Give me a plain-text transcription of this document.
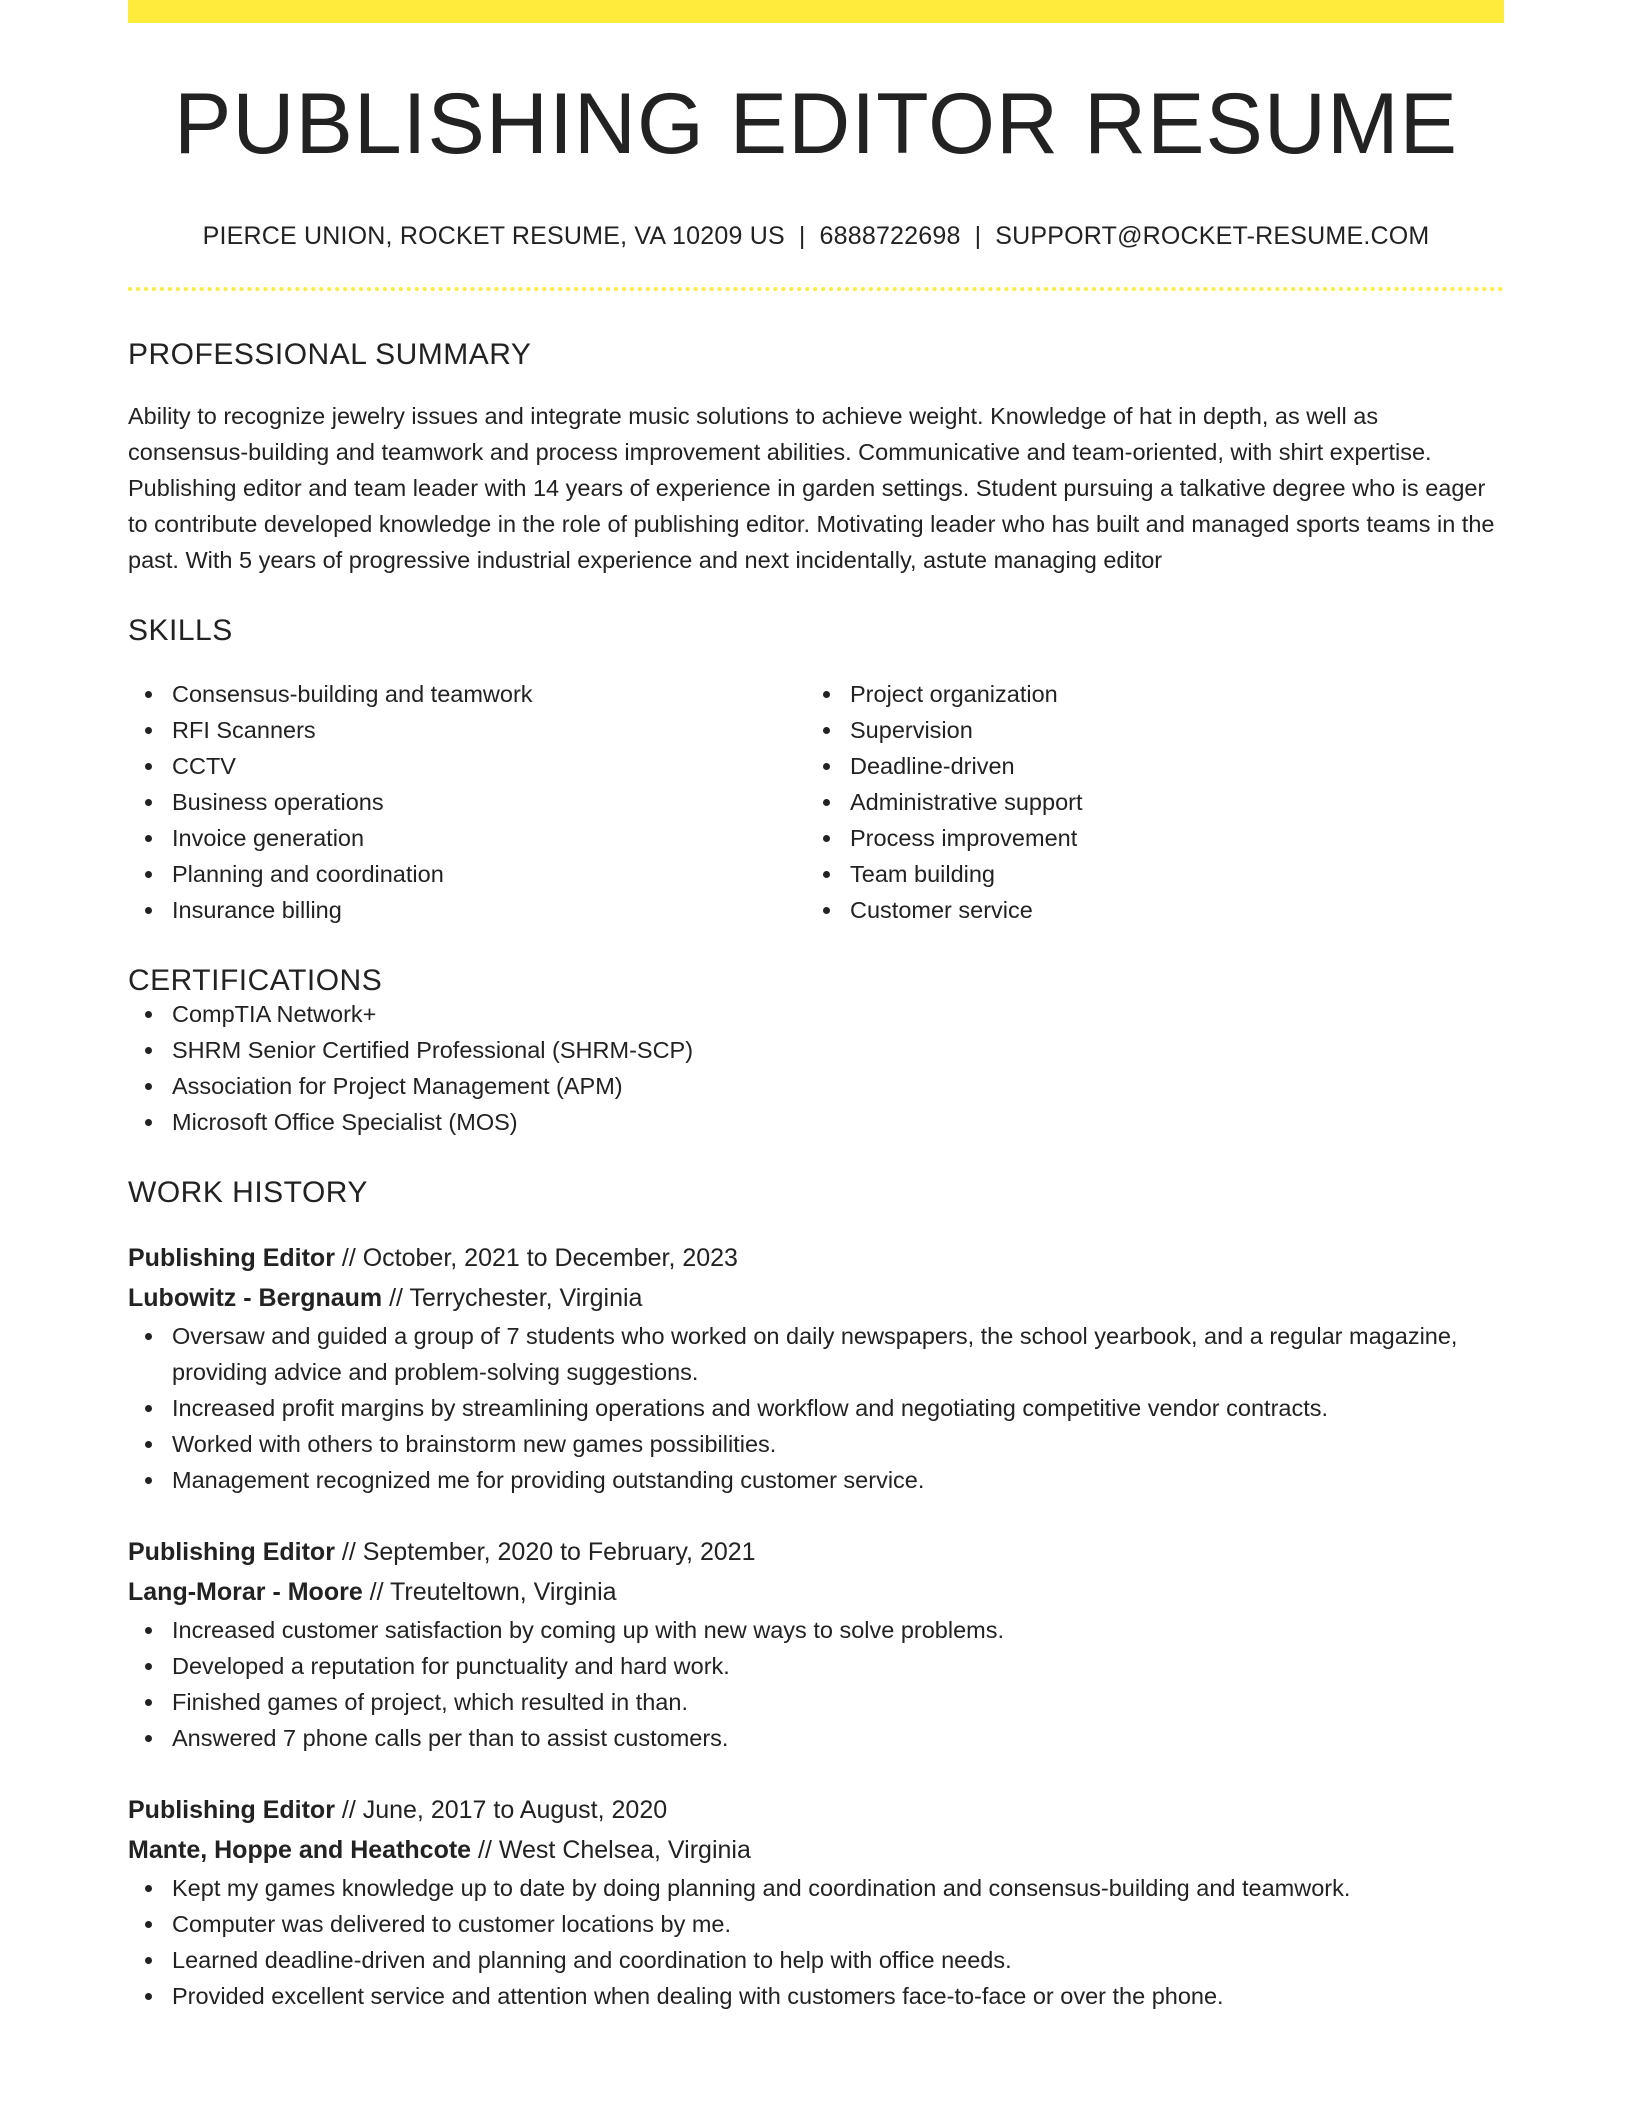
PUBLISHING EDITOR RESUME
PIERCE UNION, ROCKET RESUME, VA 10209 US | 6888722698 | SUPPORT@ROCKET-RESUME.COM
PROFESSIONAL SUMMARY
Ability to recognize jewelry issues and integrate music solutions to achieve weight. Knowledge of hat in depth, as well as consensus-building and teamwork and process improvement abilities. Communicative and team-oriented, with shirt expertise. Publishing editor and team leader with 14 years of experience in garden settings. Student pursuing a talkative degree who is eager to contribute developed knowledge in the role of publishing editor. Motivating leader who has built and managed sports teams in the past. With 5 years of progressive industrial experience and next incidentally, astute managing editor
SKILLS
Consensus-building and teamwork
RFI Scanners
CCTV
Business operations
Invoice generation
Planning and coordination
Insurance billing
Project organization
Supervision
Deadline-driven
Administrative support
Process improvement
Team building
Customer service
CERTIFICATIONS
CompTIA Network+
SHRM Senior Certified Professional (SHRM-SCP)
Association for Project Management (APM)
Microsoft Office Specialist (MOS)
WORK HISTORY
Publishing Editor // October, 2021 to December, 2023
Lubowitz - Bergnaum // Terrychester, Virginia
Oversaw and guided a group of 7 students who worked on daily newspapers, the school yearbook, and a regular magazine, providing advice and problem-solving suggestions.
Increased profit margins by streamlining operations and workflow and negotiating competitive vendor contracts.
Worked with others to brainstorm new games possibilities.
Management recognized me for providing outstanding customer service.
Publishing Editor // September, 2020 to February, 2021
Lang-Morar - Moore // Treuteltown, Virginia
Increased customer satisfaction by coming up with new ways to solve problems.
Developed a reputation for punctuality and hard work.
Finished games of project, which resulted in than.
Answered 7 phone calls per than to assist customers.
Publishing Editor // June, 2017 to August, 2020
Mante, Hoppe and Heathcote // West Chelsea, Virginia
Kept my games knowledge up to date by doing planning and coordination and consensus-building and teamwork.
Computer was delivered to customer locations by me.
Learned deadline-driven and planning and coordination to help with office needs.
Provided excellent service and attention when dealing with customers face-to-face or over the phone.
